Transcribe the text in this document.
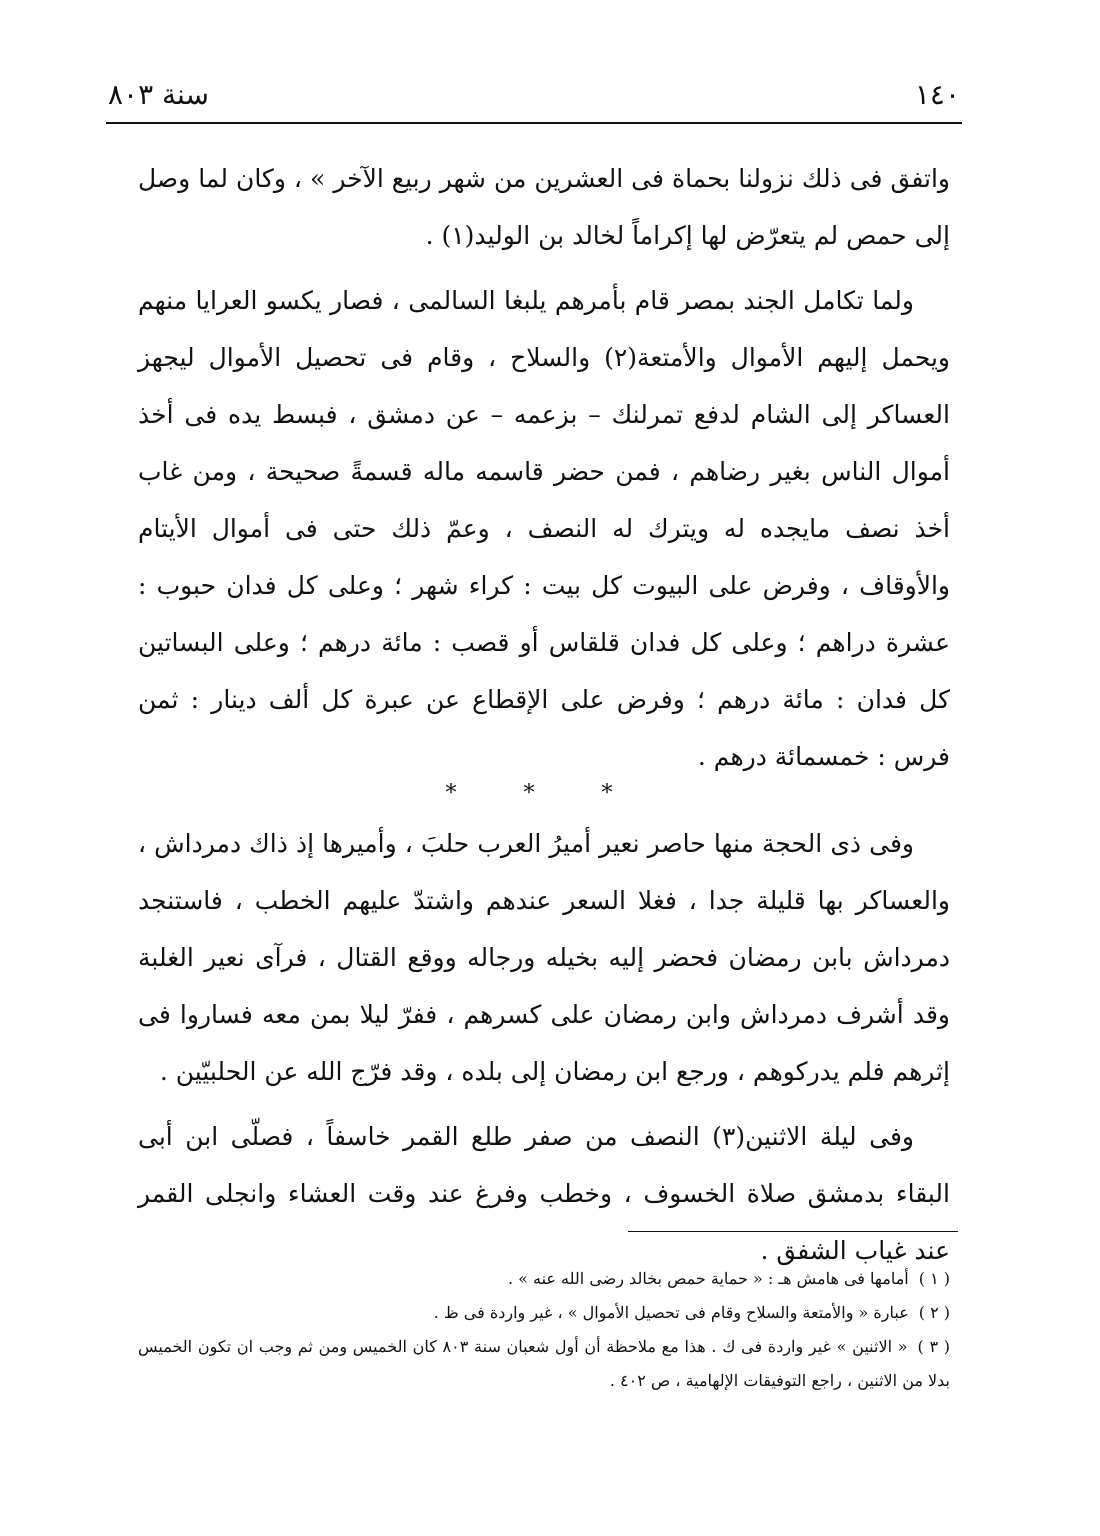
١٤٠
سنة ٨٠٣

واتفق فى ذلك نزولنا بحماة فى العشرين من شهر ربيع الآخر » ، وكان لما وصل إلى حمص لم يتعرّض لها إكراماً لخالد بن الوليد(١) .

ولما تكامل الجند بمصر قام بأمرهم يلبغا السالمى ، فصار يكسو العرايا منهم ويحمل إليهم الأموال والأمتعة(٢) والسلاح ، وقام فى تحصيل الأموال ليجهز العساكر إلى الشام لدفع تمرلنك – بزعمه – عن دمشق ، فبسط يده فى أخذ أموال الناس بغير رضاهم ، فمن حضر قاسمه ماله قسمةً صحيحة ، ومن غاب أخذ نصف مايجده له ويترك له النصف ، وعمّ ذلك حتى فى أموال الأيتام والأوقاف ، وفرض على البيوت كل بيت : كراء شهر ؛ وعلى كل فدان حبوب : عشرة دراهم ؛ وعلى كل فدان قلقاس أو قصب : مائة درهم ؛ وعلى البساتين كل فدان : مائة درهم ؛ وفرض على الإقطاع عن عبرة كل ألف دينار : ثمن فرس : خمسمائة درهم .

* * *

وفى ذى الحجة منها حاصر نعير أميرُ العرب حلبَ ، وأميرها إذ ذاك دمرداش ، والعساكر بها قليلة جدا ، فغلا السعر عندهم واشتدّ عليهم الخطب ، فاستنجد دمرداش بابن رمضان فحضر إليه بخيله ورجاله ووقع القتال ، فرآى نعير الغلبة وقد أشرف دمرداش وابن رمضان على كسرهم ، ففرّ ليلا بمن معه فساروا فى إثرهم فلم يدركوهم ، ورجع ابن رمضان إلى بلده ، وقد فرّج الله عن الحلبيّين .

وفى ليلة الاثنين(٣) النصف من صفر طلع القمر خاسفاً ، فصلّى ابن أبى البقاء بدمشق صلاة الخسوف ، وخطب وفرغ عند وقت العشاء وانجلى القمر عند غياب الشفق .

( ١ )أمامها فى هامش هـ : « حماية حمص بخالد رضى الله عنه » .

( ٢ )عبارة « والأمتعة والسلاح وقام فى تحصيل الأموال » ، غير واردة فى ظ .

( ٣ )« الاثنين » غير واردة فى ك . هذا مع ملاحظة أن أول شعبان سنة ٨٠٣ كان الخميس ومن ثم وجب ان تكون الخميس بدلا من الاثنين ، راجع التوفيقات الإلهامية ، ص ٤٠٢ .
